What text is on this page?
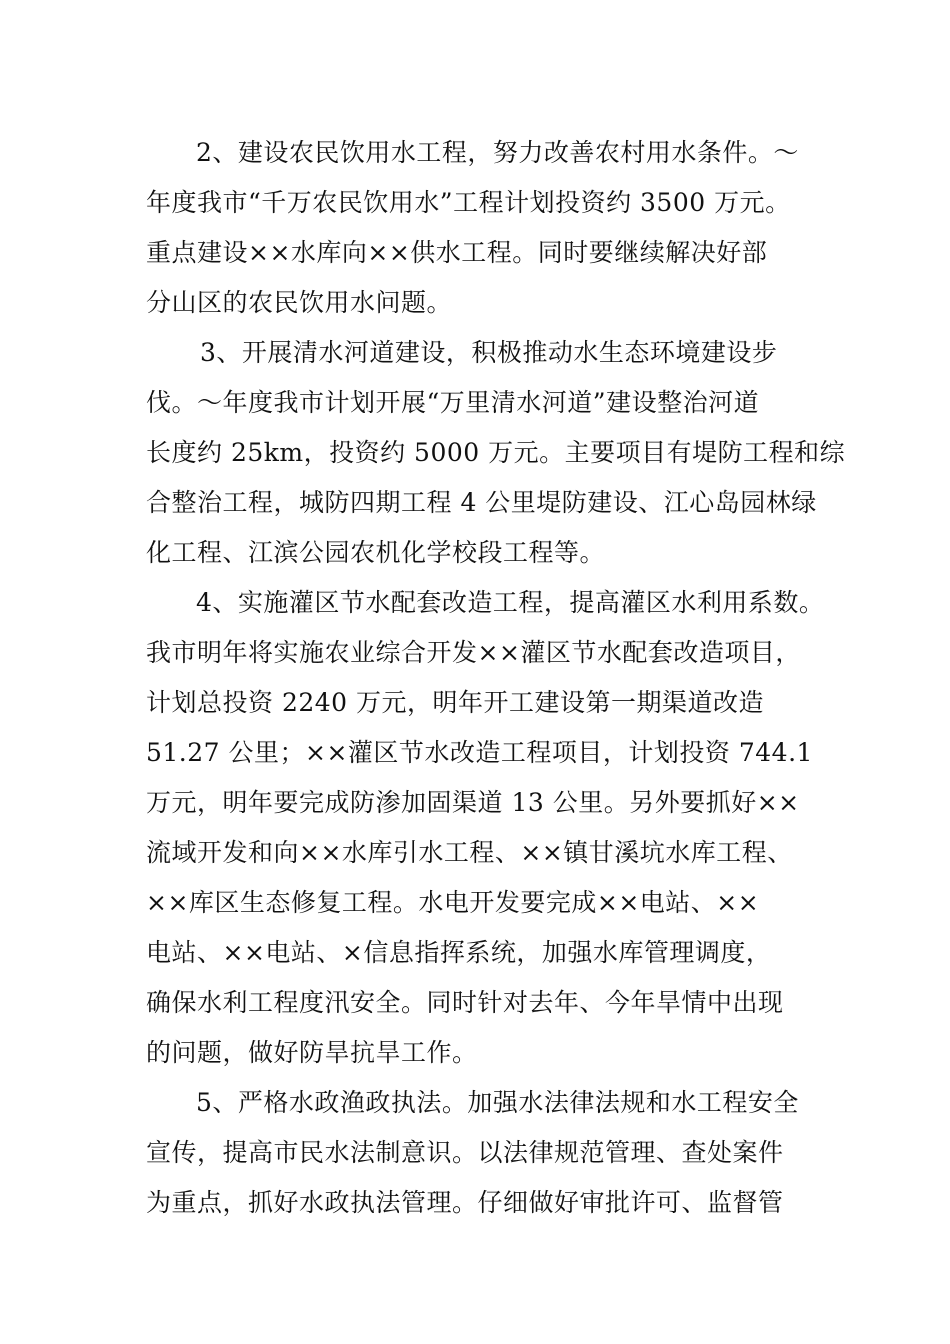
2、建设农民饮用水工程，努力改善农村用水条件。～
年度我市“千万农民饮用水”工程计划投资约 3500 万元。
重点建设××水库向××供水工程。同时要继续解决好部
分山区的农民饮用水问题。

3、开展清水河道建设，积极推动水生态环境建设步
伐。～年度我市计划开展“万里清水河道”建设整治河道
长度约 25km，投资约 5000 万元。主要项目有堤防工程和综
合整治工程，城防四期工程 4 公里堤防建设、江心岛园林绿
化工程、江滨公园农机化学校段工程等。

4、实施灌区节水配套改造工程，提高灌区水利用系数。
我市明年将实施农业综合开发××灌区节水配套改造项目，
计划总投资 2240 万元，明年开工建设第一期渠道改造
51.27 公里；××灌区节水改造工程项目，计划投资 744.1
万元，明年要完成防渗加固渠道 13 公里。另外要抓好××
流域开发和向××水库引水工程、××镇甘溪坑水库工程、
××库区生态修复工程。水电开发要完成××电站、××
电站、××电站、×信息指挥系统，加强水库管理调度，
确保水利工程度汛安全。同时针对去年、今年旱情中出现
的问题，做好防旱抗旱工作。

5、严格水政渔政执法。加强水法律法规和水工程安全
宣传，提高市民水法制意识。以法律规范管理、查处案件
为重点，抓好水政执法管理。仔细做好审批许可、监督管
